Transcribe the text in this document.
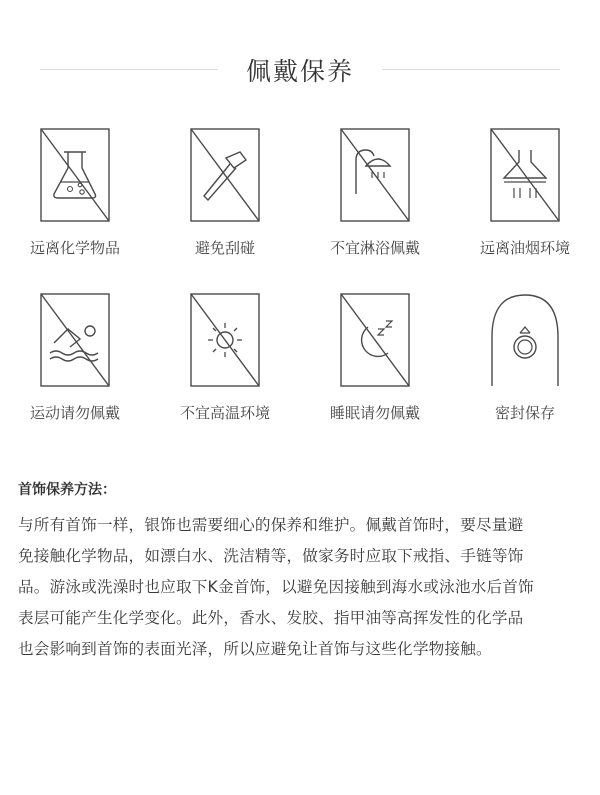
佩戴保养
远离化学物品	避免刮碰	不宜淋浴佩戴	远离油烟环境
运动请勿佩戴	不宜高温环境	睡眠请勿佩戴	密封保存
首饰保养方法：
与所有首饰一样，银饰也需要细心的保养和维护。佩戴首饰时，要尽量避
免接触化学物品，如漂白水、洗洁精等，做家务时应取下戒指、手链等饰
品。游泳或洗澡时也应取下K金首饰，以避免因接触到海水或泳池水后首饰
表层可能产生化学变化。此外，香水、发胶、指甲油等高挥发性的化学品
也会影响到首饰的表面光泽，所以应避免让首饰与这些化学物接触。
